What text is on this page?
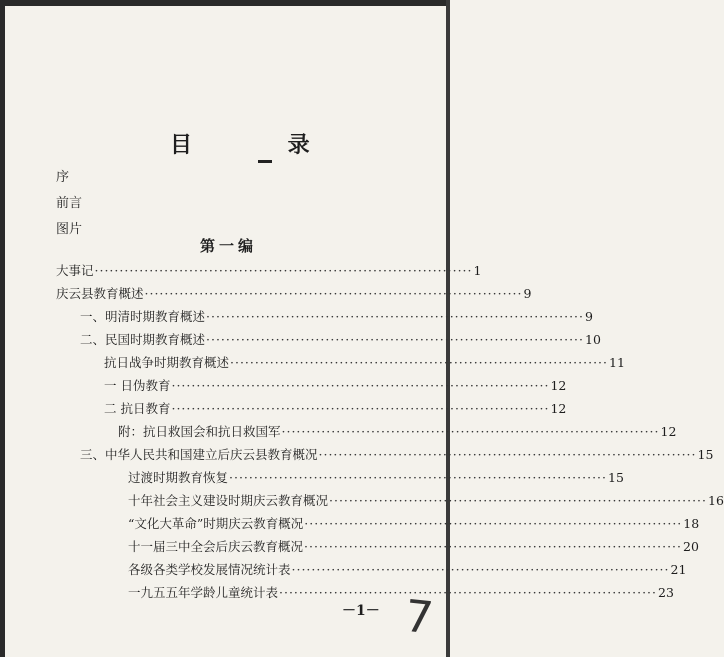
目 录
序
前言
图片
第一编
大事记 ············································································ 1
庆云县教育概述 ············································································ 9
一、明清时期教育概述 ············································································ 9
二、民国时期教育概述 ············································································ 10
抗日战争时期教育概述 ············································································ 11
一 日伪教育 ············································································ 12
二 抗日教育 ············································································ 12
附：抗日救国会和抗日救国军 ············································································ 12
三、中华人民共和国建立后庆云县教育概况 ············································································ 15
过渡时期教育恢复 ············································································ 15
十年社会主义建设时期庆云教育概况 ············································································ 16
“文化大革命”时期庆云教育概况 ············································································ 18
十一届三中全会后庆云教育概况 ············································································ 20
各级各类学校发展情况统计表 ············································································ 21
一九五五年学龄儿童统计表 ············································································ 23
－1－ 7
